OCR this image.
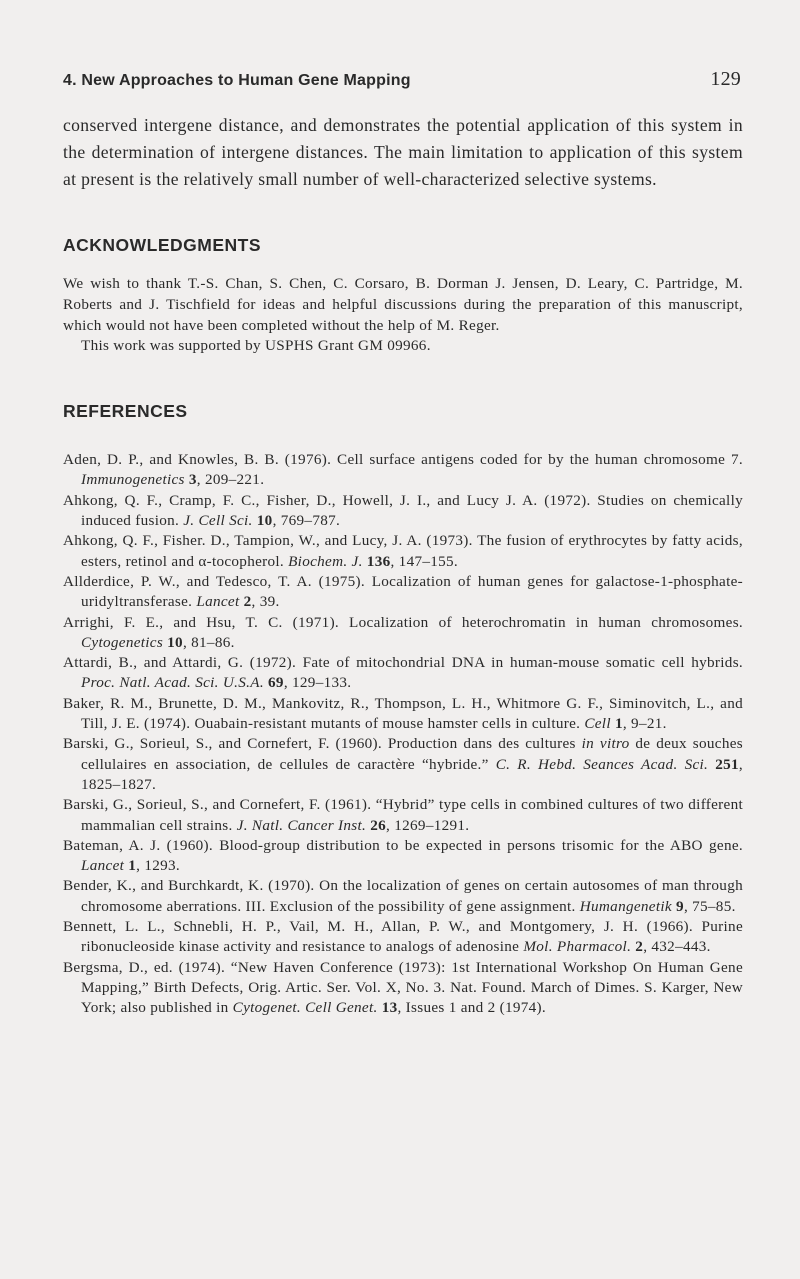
4. New Approaches to Human Gene Mapping	129

conserved intergene distance, and demonstrates the potential application of this system in the determination of intergene distances. The main limitation to application of this system at present is the relatively small number of well-characterized selective systems.

ACKNOWLEDGMENTS

We wish to thank T.-S. Chan, S. Chen, C. Corsaro, B. Dorman J. Jensen, D. Leary, C. Partridge, M. Roberts and J. Tischfield for ideas and helpful discussions during the preparation of this manuscript, which would not have been completed without the help of M. Reger.

This work was supported by USPHS Grant GM 09966.

REFERENCES

Aden, D. P., and Knowles, B. B. (1976). Cell surface antigens coded for by the human chromosome 7. Immunogenetics 3, 209–221.

Ahkong, Q. F., Cramp, F. C., Fisher, D., Howell, J. I., and Lucy J. A. (1972). Studies on chemically induced fusion. J. Cell Sci. 10, 769–787.

Ahkong, Q. F., Fisher. D., Tampion, W., and Lucy, J. A. (1973). The fusion of erythrocytes by fatty acids, esters, retinol and α-tocopherol. Biochem. J. 136, 147–155.

Allderdice, P. W., and Tedesco, T. A. (1975). Localization of human genes for galactose-1-phosphate-uridyltransferase. Lancet 2, 39.

Arrighi, F. E., and Hsu, T. C. (1971). Localization of heterochromatin in human chromosomes. Cytogenetics 10, 81–86.

Attardi, B., and Attardi, G. (1972). Fate of mitochondrial DNA in human-mouse somatic cell hybrids. Proc. Natl. Acad. Sci. U.S.A. 69, 129–133.

Baker, R. M., Brunette, D. M., Mankovitz, R., Thompson, L. H., Whitmore G. F., Siminovitch, L., and Till, J. E. (1974). Ouabain-resistant mutants of mouse hamster cells in culture. Cell 1, 9–21.

Barski, G., Sorieul, S., and Cornefert, F. (1960). Production dans des cultures in vitro de deux souches cellulaires en association, de cellules de caractère “hybride.” C. R. Hebd. Seances Acad. Sci. 251, 1825–1827.

Barski, G., Sorieul, S., and Cornefert, F. (1961). “Hybrid” type cells in combined cultures of two different mammalian cell strains. J. Natl. Cancer Inst. 26, 1269–1291.

Bateman, A. J. (1960). Blood-group distribution to be expected in persons trisomic for the ABO gene. Lancet 1, 1293.

Bender, K., and Burchkardt, K. (1970). On the localization of genes on certain autosomes of man through chromosome aberrations. III. Exclusion of the possibility of gene assignment. Humangenetik 9, 75–85.

Bennett, L. L., Schnebli, H. P., Vail, M. H., Allan, P. W., and Montgomery, J. H. (1966). Purine ribonucleoside kinase activity and resistance to analogs of adenosine Mol. Pharmacol. 2, 432–443.

Bergsma, D., ed. (1974). “New Haven Conference (1973): 1st International Workshop On Human Gene Mapping,” Birth Defects, Orig. Artic. Ser. Vol. X, No. 3. Nat. Found. March of Dimes. S. Karger, New York; also published in Cytogenet. Cell Genet. 13, Issues 1 and 2 (1974).
